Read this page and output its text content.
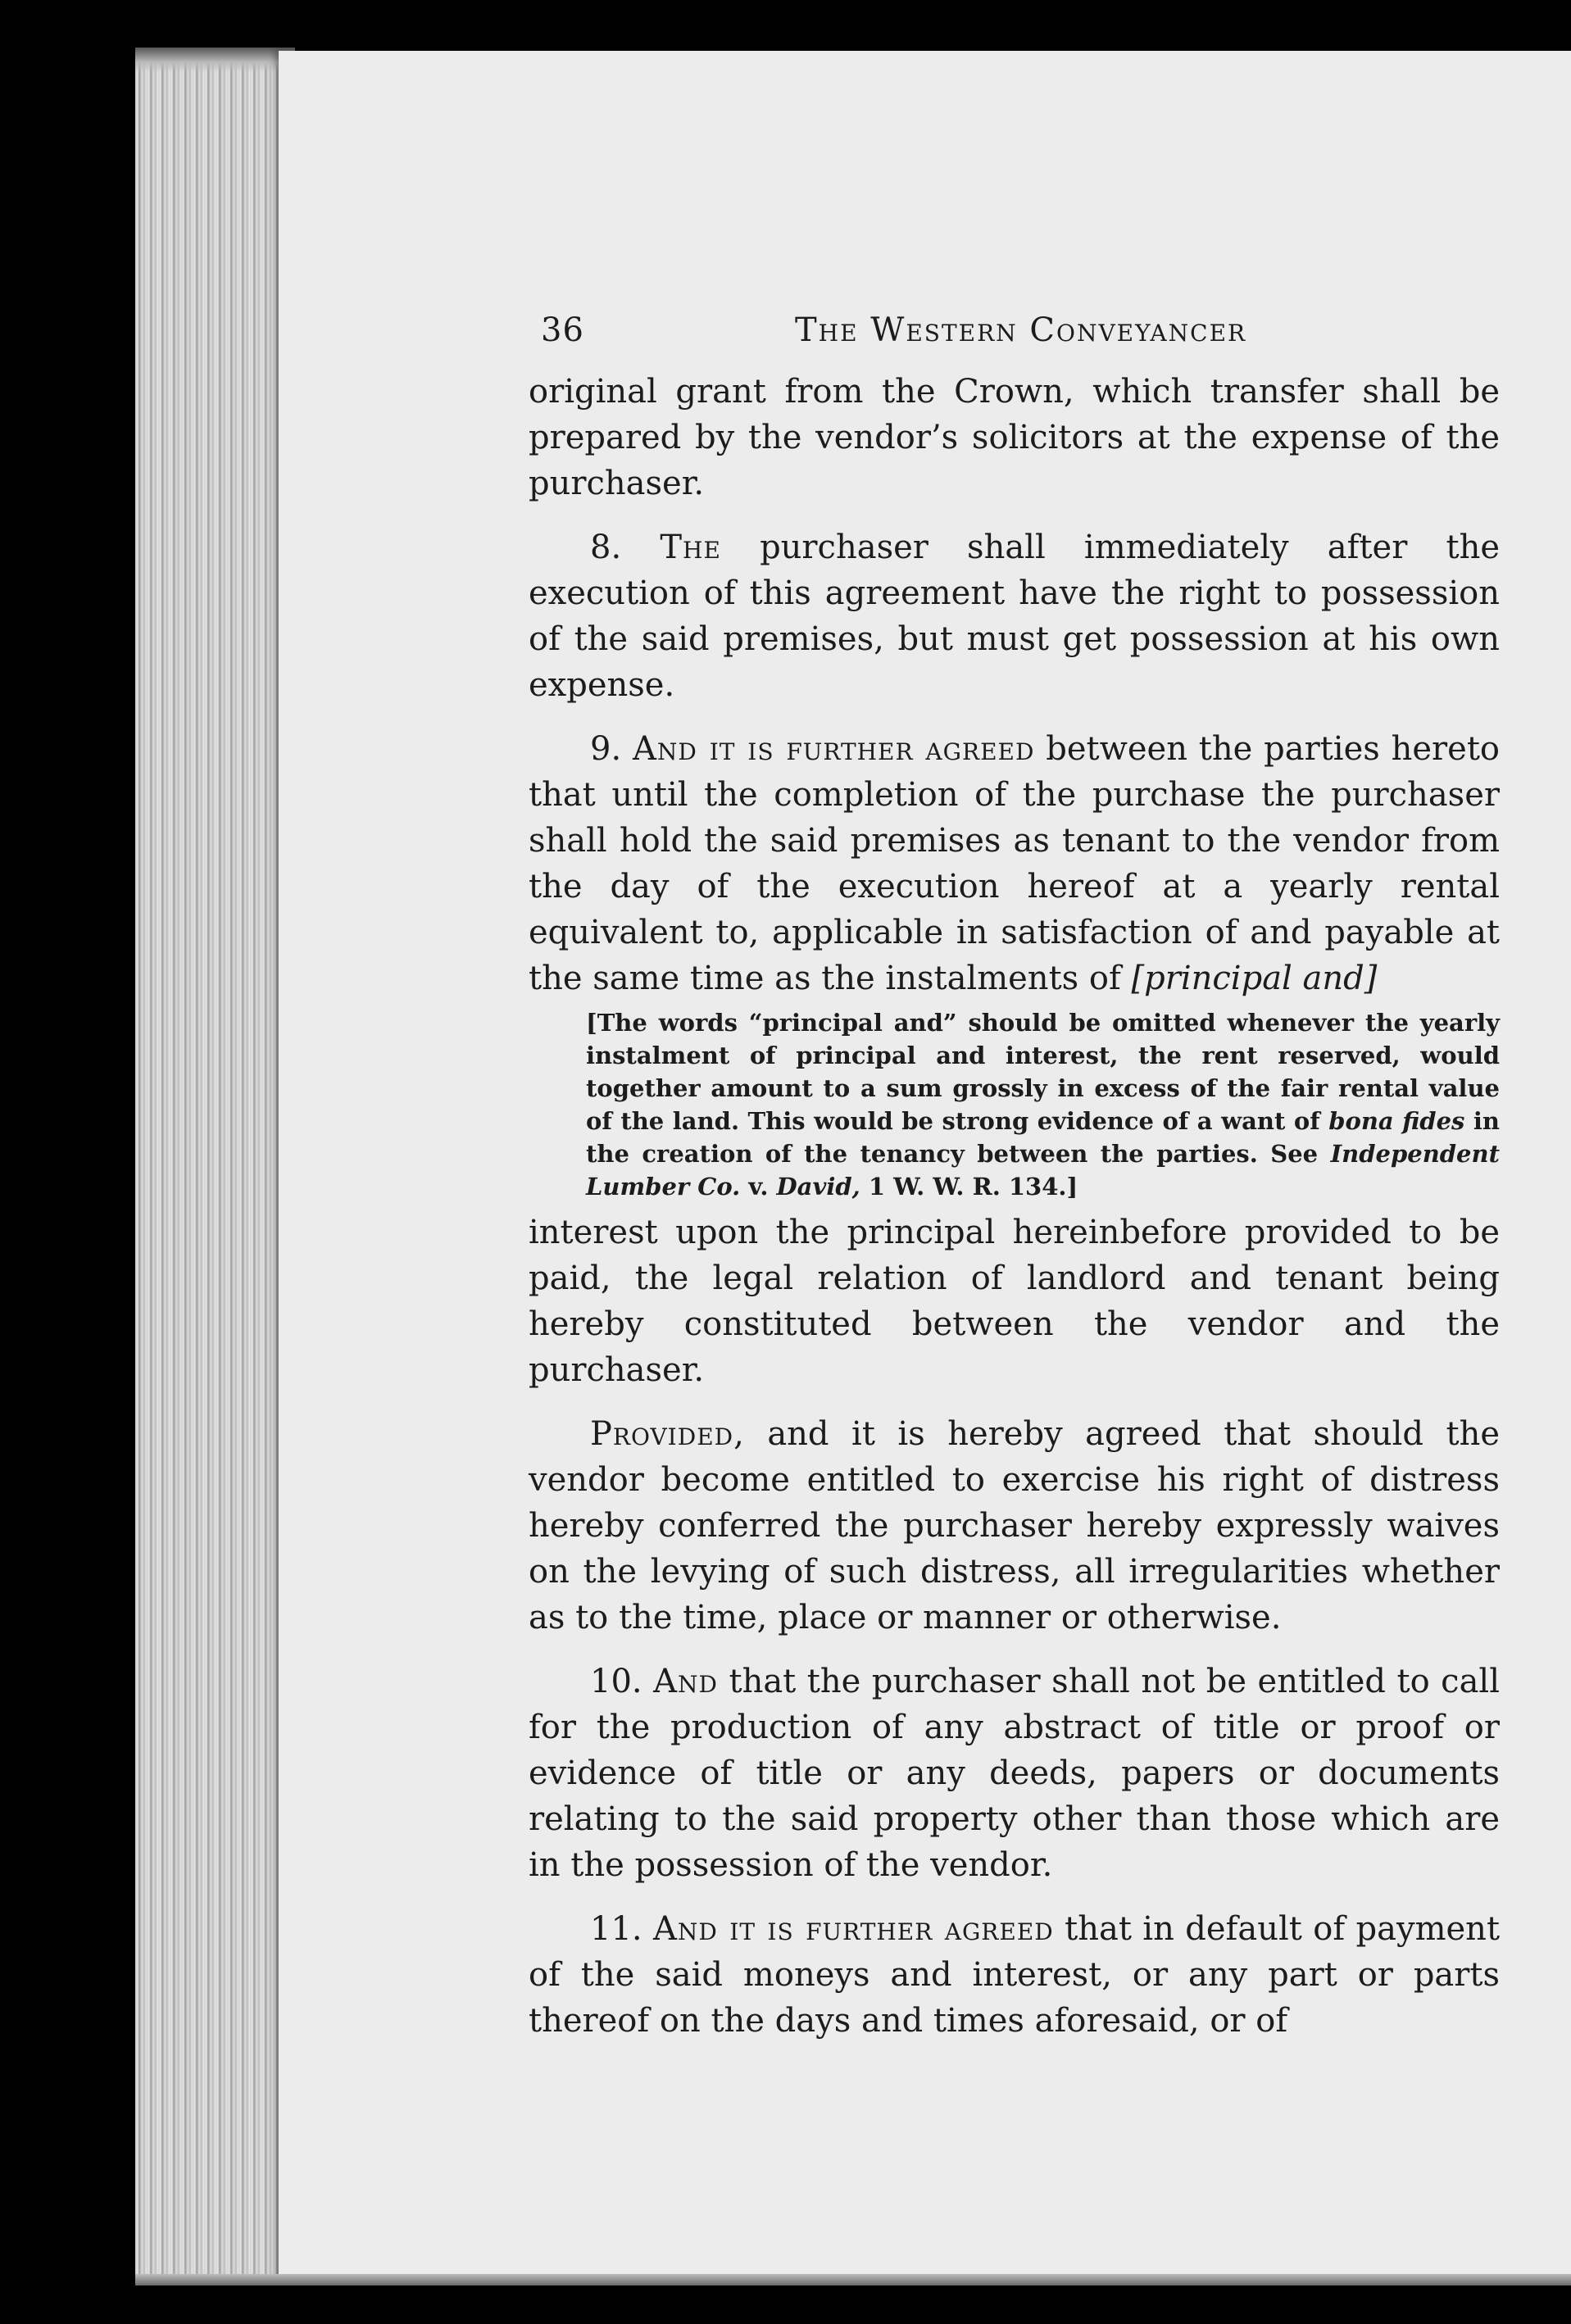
36	The Western Conveyancer

original grant from the Crown, which transfer shall be prepared by the vendor’s solicitors at the expense of the purchaser.

8. The purchaser shall immediately after the execution of this agreement have the right to possession of the said premises, but must get possession at his own expense.

9. And it is further agreed between the parties hereto that until the completion of the purchase the purchaser shall hold the said premises as tenant to the vendor from the day of the execution hereof at a yearly rental equivalent to, applicable in satisfaction of and payable at the same time as the instalments of [principal and]

[The words “principal and” should be omitted whenever the yearly instalment of principal and interest, the rent reserved, would together amount to a sum grossly in excess of the fair rental value of the land. This would be strong evidence of a want of bona fides in the creation of the tenancy between the parties. See Independent Lumber Co. v. David, 1 W. W. R. 134.]

interest upon the principal hereinbefore provided to be paid, the legal relation of landlord and tenant being hereby constituted between the vendor and the purchaser.

Provided, and it is hereby agreed that should the vendor become entitled to exercise his right of distress hereby conferred the purchaser hereby expressly waives on the levying of such distress, all irregularities whether as to the time, place or manner or otherwise.

10. And that the purchaser shall not be entitled to call for the production of any abstract of title or proof or evidence of title or any deeds, papers or documents relating to the said property other than those which are in the possession of the vendor.

11. And it is further agreed that in default of payment of the said moneys and interest, or any part or parts thereof on the days and times aforesaid, or of
